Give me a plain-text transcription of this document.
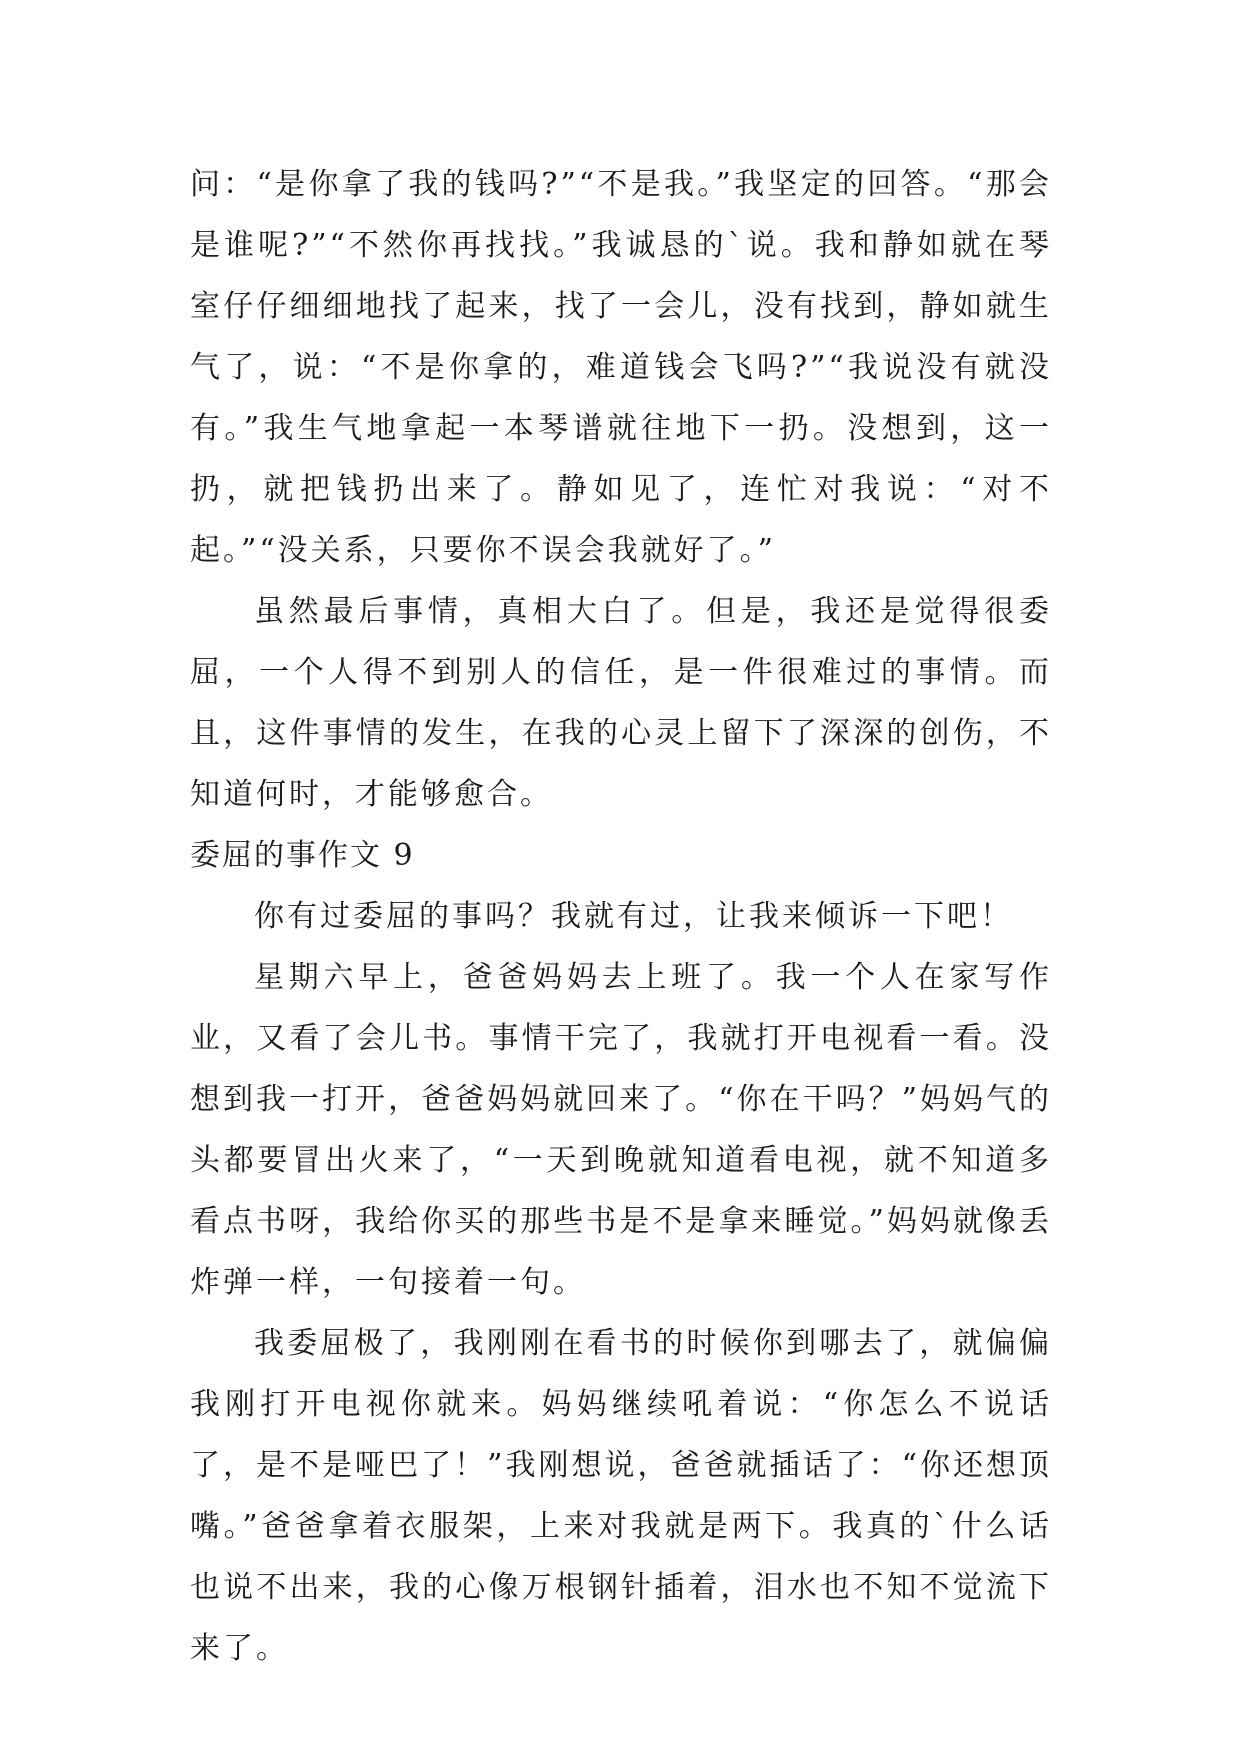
问：“是你拿了我的钱吗?”“不是我。”我坚定的回答。“那会是谁呢?”“不然你再找找。”我诚恳的`说。我和静如就在琴室仔仔细细地找了起来，找了一会儿，没有找到，静如就生气了，说：“不是你拿的，难道钱会飞吗?”“我说没有就没有。”我生气地拿起一本琴谱就往地下一扔。没想到，这一扔，就把钱扔出来了。静如见了，连忙对我说：“对不起。”“没关系，只要你不误会我就好了。”

虽然最后事情，真相大白了。但是，我还是觉得很委屈，一个人得不到别人的信任，是一件很难过的事情。而且，这件事情的发生，在我的心灵上留下了深深的创伤，不知道何时，才能够愈合。

委屈的事作文 9

你有过委屈的事吗？我就有过，让我来倾诉一下吧！

星期六早上，爸爸妈妈去上班了。我一个人在家写作业，又看了会儿书。事情干完了，我就打开电视看一看。没想到我一打开，爸爸妈妈就回来了。“你在干吗？”妈妈气的头都要冒出火来了，“一天到晚就知道看电视，就不知道多看点书呀，我给你买的那些书是不是拿来睡觉。”妈妈就像丢炸弹一样，一句接着一句。

我委屈极了，我刚刚在看书的时候你到哪去了，就偏偏我刚打开电视你就来。妈妈继续吼着说：“你怎么不说话了，是不是哑巴了！”我刚想说，爸爸就插话了：“你还想顶嘴。”爸爸拿着衣服架，上来对我就是两下。我真的`什么话也说不出来，我的心像万根钢针插着，泪水也不知不觉流下来了。
